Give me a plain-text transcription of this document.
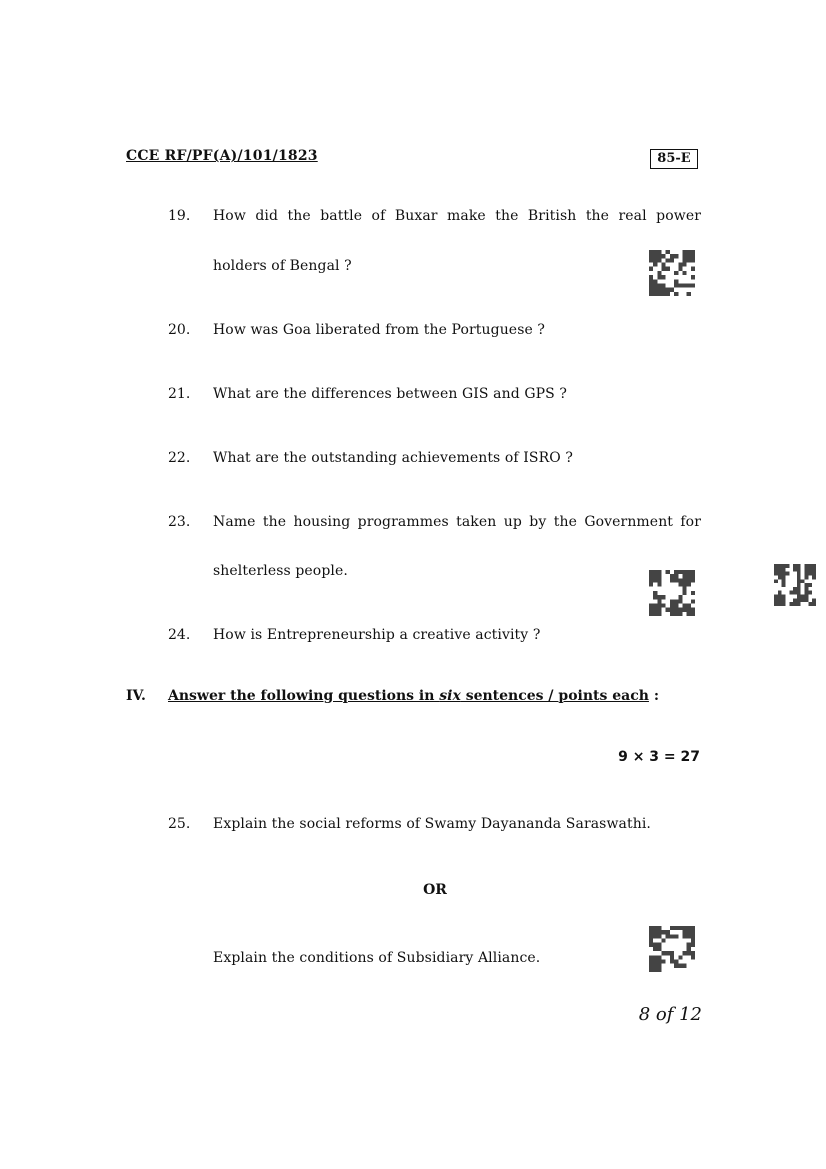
CCE RF/PF(A)/101/1823	85-E
19. How did the battle of Buxar make the British the real power
holders of Bengal ?
20. How was Goa liberated from the Portuguese ?
21. What are the differences between GIS and GPS ?
22. What are the outstanding achievements of ISRO ?
23. Name the housing programmes taken up by the Government for
shelterless people.
24. How is Entrepreneurship a creative activity ?
IV. Answer the following questions in six sentences / points each :
9 × 3 = 27
25. Explain the social reforms of Swamy Dayananda Saraswathi.
OR
Explain the conditions of Subsidiary Alliance.
8 of 12
